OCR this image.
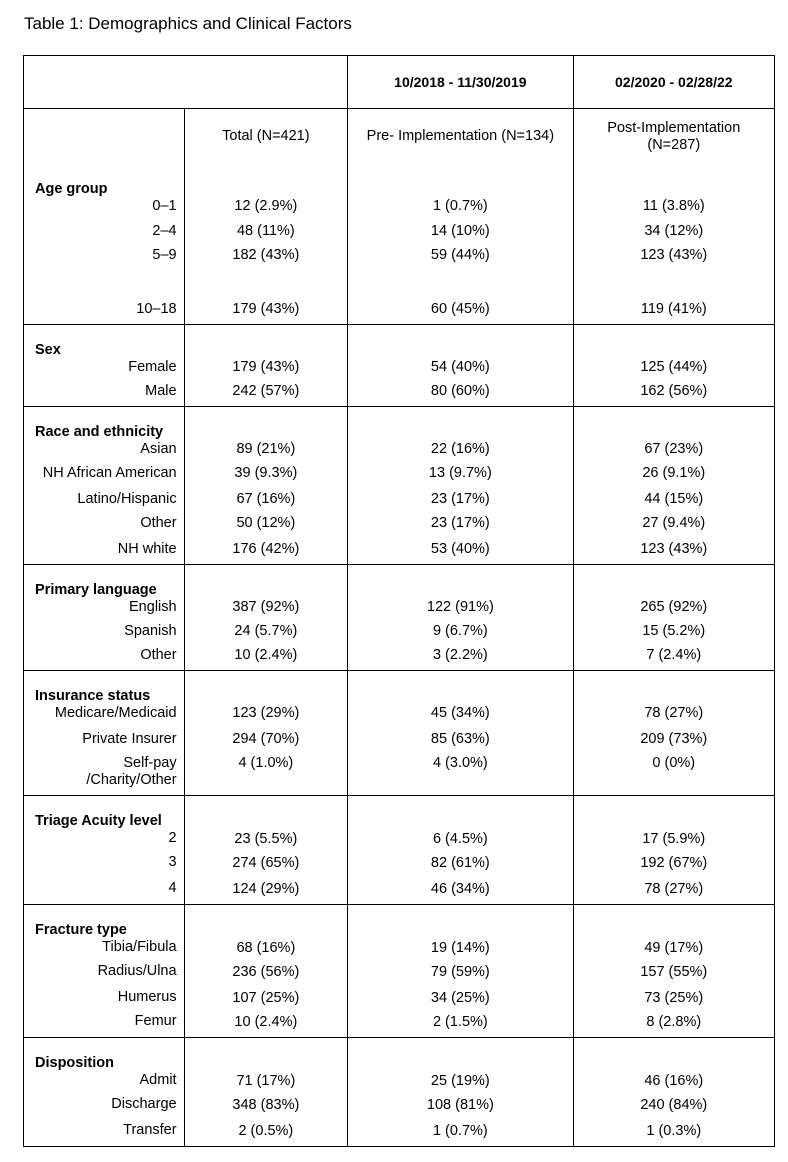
Table 1: Demographics and Clinical Factors
10/2018 - 11/30/2019	02/2020 - 02/28/22
Total (N=421)	Pre- Implementation (N=134)
Post-Implementation
(N=287)
Age group
0–1
2–4
5–9
10–18
12 (2.9%)
48 (11%)
182 (43%)
179 (43%)
1 (0.7%)
14 (10%)
59 (44%)
60 (45%)
11 (3.8%)
34 (12%)
123 (43%)
119 (41%)
Sex
Female
Male
179 (43%)
242 (57%)
54 (40%)
80 (60%)
125 (44%)
162 (56%)
Race and ethnicity
Asian
NH African American
Latino/Hispanic
Other
NH white
89 (21%)
39 (9.3%)
67 (16%)
50 (12%)
176 (42%)
22 (16%)
13 (9.7%)
23 (17%)
23 (17%)
53 (40%)
67 (23%)
26 (9.1%)
44 (15%)
27 (9.4%)
123 (43%)
Primary language
English
Spanish
Other
387 (92%)
24 (5.7%)
10 (2.4%)
122 (91%)
9 (6.7%)
3 (2.2%)
265 (92%)
15 (5.2%)
7 (2.4%)
Insurance status
Medicare/Medicaid
Private Insurer
Self-pay
/Charity/Other
123 (29%)
294 (70%)
4 (1.0%)
45 (34%)
85 (63%)
4 (3.0%)
78 (27%)
209 (73%)
0 (0%)
Triage Acuity level
2
3
4
23 (5.5%)
274 (65%)
124 (29%)
6 (4.5%)
82 (61%)
46 (34%)
17 (5.9%)
192 (67%)
78 (27%)
Fracture type
Tibia/Fibula
Radius/Ulna
Humerus
Femur
68 (16%)
236 (56%)
107 (25%)
10 (2.4%)
19 (14%)
79 (59%)
34 (25%)
2 (1.5%)
49 (17%)
157 (55%)
73 (25%)
8 (2.8%)
Disposition
Admit
Discharge
Transfer
71 (17%)
348 (83%)
2 (0.5%)
25 (19%)
108 (81%)
1 (0.7%)
46 (16%)
240 (84%)
1 (0.3%)
